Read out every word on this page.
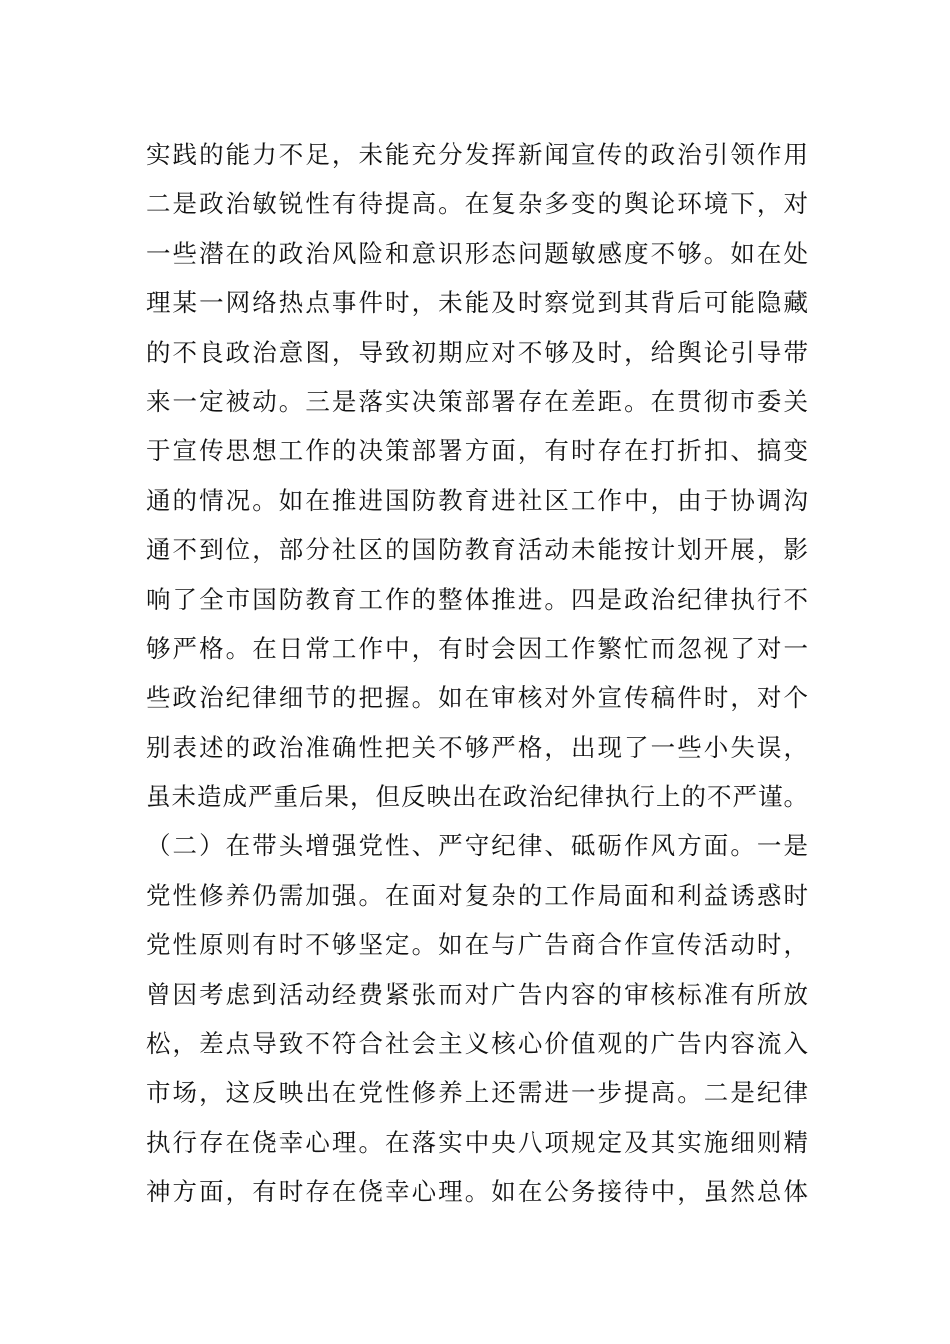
实践的能力不足，未能充分发挥新闻宣传的政治引领作用
二是政治敏锐性有待提高。在复杂多变的舆论环境下，对
一些潜在的政治风险和意识形态问题敏感度不够。如在处
理某一网络热点事件时，未能及时察觉到其背后可能隐藏
的不良政治意图，导致初期应对不够及时，给舆论引导带
来一定被动。三是落实决策部署存在差距。在贯彻市委关
于宣传思想工作的决策部署方面，有时存在打折扣、搞变
通的情况。如在推进国防教育进社区工作中，由于协调沟
通不到位，部分社区的国防教育活动未能按计划开展，影
响了全市国防教育工作的整体推进。四是政治纪律执行不
够严格。在日常工作中，有时会因工作繁忙而忽视了对一
些政治纪律细节的把握。如在审核对外宣传稿件时，对个
别表述的政治准确性把关不够严格，出现了一些小失误，
虽未造成严重后果，但反映出在政治纪律执行上的不严谨。
（二）在带头增强党性、严守纪律、砥砺作风方面。一是
党性修养仍需加强。在面对复杂的工作局面和利益诱惑时
党性原则有时不够坚定。如在与广告商合作宣传活动时，
曾因考虑到活动经费紧张而对广告内容的审核标准有所放
松，差点导致不符合社会主义核心价值观的广告内容流入
市场，这反映出在党性修养上还需进一步提高。二是纪律
执行存在侥幸心理。在落实中央八项规定及其实施细则精
神方面，有时存在侥幸心理。如在公务接待中，虽然总体
